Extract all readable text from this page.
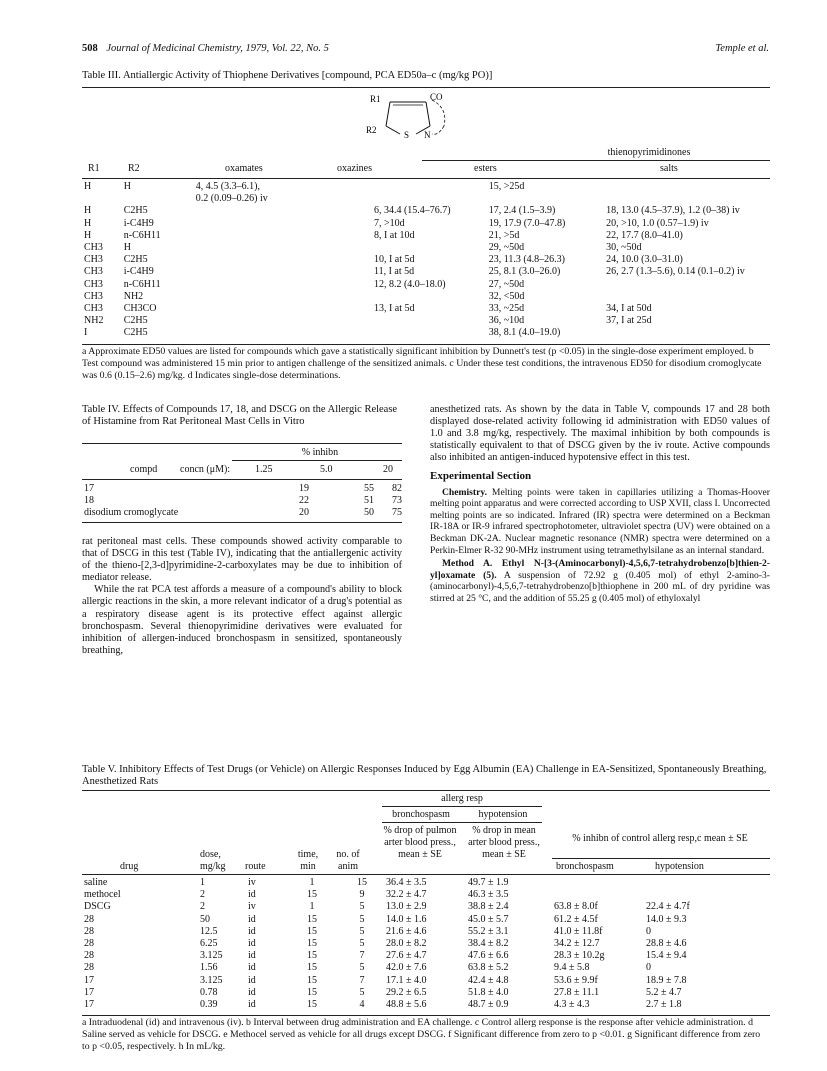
508 Journal of Medicinal Chemistry, 1979, Vol. 22, No. 5	Temple et al.
Table III. Antiallergic Activity of Thiophene Derivatives [compound, PCA ED50a–c (mg/kg PO)]
R1	CO
R2	S N
thienopyrimidinones
R1	R2	oxamates	oxazines	esters	salts
H	H	4, 4.5 (3.3–6.1),		15, >25d	
		0.2 (0.09–0.26) iv			
H	C2H5		6, 34.4 (15.4–76.7)	17, 2.4 (1.5–3.9)	18, 13.0 (4.5–37.9), 1.2 (0–38) iv
H	i-C4H9		7, >10d	19, 17.9 (7.0–47.8)	20, >10, 1.0 (0.57–1.9) iv
H	n-C6H11		8, I at 10d	21, >5d	22, 17.7 (8.0–41.0)
CH3	H			29, ~50d	30, ~50d
CH3	C2H5		10, I at 5d	23, 11.3 (4.8–26.3)	24, 10.0 (3.0–31.0)
CH3	i-C4H9		11, I at 5d	25, 8.1 (3.0–26.0)	26, 2.7 (1.3–5.6), 0.14 (0.1–0.2) iv
CH3	n-C6H11		12, 8.2 (4.0–18.0)	27, ~50d	
CH3	NH2			32, <50d	
CH3	CH3CO		13, I at 5d	33, ~25d	34, I at 50d
NH2	C2H5			36, ~10d	37, I at 25d
I	C2H5			38, 8.1 (4.0–19.0)	
a Approximate ED50 values are listed for compounds which gave a statistically significant inhibition by Dunnett's test (p <0.05) in the single-dose experiment employed. b Test compound was administered 15 min prior to antigen challenge of the sensitized animals. c Under these test conditions, the intravenous ED50 for disodium cromoglycate was 0.6 (0.15–2.6) mg/kg. d Indicates single-dose determinations.
Table IV. Effects of Compounds 17, 18, and DSCG on the Allergic Release of Histamine from Rat Peritoneal Mast Cells in Vitro
% inhibn
compd concn (μM): 1.25	5.0	20
17	19	55	82
18	22	51	73
disodium cromoglycate	20	50	75

rat peritoneal mast cells. These compounds showed activity comparable to that of DSCG in this test (Table IV), indicating that the antiallergenic activity of the thieno-[2,3-d]pyrimidine-2-carboxylates may be due to inhibition of mediator release.

While the rat PCA test affords a measure of a compound's ability to block allergic reactions in the skin, a more relevant indicator of a drug's potential as a respiratory disease agent is its protective effect against allergic bronchospasm. Several thienopyrimidine derivatives were evaluated for inhibition of allergen-induced bronchospasm in sensitized, spontaneously breathing,

anesthetized rats. As shown by the data in Table V, compounds 17 and 28 both displayed dose-related activity following id administration with ED50 values of 1.0 and 3.8 mg/kg, respectively. The maximal inhibition by both compounds is statistically equivalent to that of DSCG given by the iv route. Active compounds also inhibited an antigen-induced hypotensive effect in this test.

Experimental Section

Chemistry. Melting points were taken in capillaries utilizing a Thomas-Hoover melting point apparatus and were corrected according to USP XVII, class I. Uncorrected melting points are so indicated. Infrared (IR) spectra were determined on a Beckman IR-18A or IR-9 infrared spectrophotometer, ultraviolet spectra (UV) were obtained on a Beckman DK-2A. Nuclear magnetic resonance (NMR) spectra were determined on a Perkin-Elmer R-32 90-MHz instrument using tetramethylsilane as an internal standard.

Method A. Ethyl N-[3-(Aminocarbonyl)-4,5,6,7-tetrahydrobenzo[b]thien-2-yl]oxamate (5). A suspension of 72.92 g (0.405 mol) of ethyl 2-amino-3-(aminocarbonyl)-4,5,6,7-tetrahydrobenzo[b]thiophene in 200 mL of dry pyridine was stirred at 25 °C, and the addition of 55.25 g (0.405 mol) of ethyloxalyl

Table V. Inhibitory Effects of Test Drugs (or Vehicle) on Allergic Responses Induced by Egg Albumin (EA) Challenge in EA-Sensitized, Spontaneously Breathing, Anesthetized Rats
allerg resp
bronchospasm	hypotension
% drop of pulmon arter blood press., mean ± SE
% drop in mean arter blood press., mean ± SE
% inhibn of control allerg resp,c mean ± SE
drug
dose, mg/kg	route
time, min
no. of anim	bronchospasm	hypotension
saline	1	iv	1	15	36.4 ± 3.5	49.7 ± 1.9		
methocel	2	id	15	9	32.2 ± 4.7	46.3 ± 3.5		
DSCG	2	iv	1	5	13.0 ± 2.9	38.8 ± 2.4	63.8 ± 8.0f	22.4 ± 4.7f
28	50	id	15	5	14.0 ± 1.6	45.0 ± 5.7	61.2 ± 4.5f	14.0 ± 9.3
28	12.5	id	15	5	21.6 ± 4.6	55.2 ± 3.1	41.0 ± 11.8f	0
28	6.25	id	15	5	28.0 ± 8.2	38.4 ± 8.2	34.2 ± 12.7	28.8 ± 4.6
28	3.125	id	15	7	27.6 ± 4.7	47.6 ± 6.6	28.3 ± 10.2g	15.4 ± 9.4
28	1.56	id	15	5	42.0 ± 7.6	63.8 ± 5.2	9.4 ± 5.8	0
17	3.125	id	15	7	17.1 ± 4.0	42.4 ± 4.8	53.6 ± 9.9f	18.9 ± 7.8
17	0.78	id	15	5	29.2 ± 6.5	51.8 ± 4.0	27.8 ± 11.1	5.2 ± 4.7
17	0.39	id	15	4	48.8 ± 5.6	48.7 ± 0.9	4.3 ± 4.3	2.7 ± 1.8
a Intraduodenal (id) and intravenous (iv). b Interval between drug administration and EA challenge. c Control allerg response is the response after vehicle administration. d Saline served as vehicle for DSCG. e Methocel served as vehicle for all drugs except DSCG. f Significant difference from zero to p <0.01. g Significant difference from zero to p <0.05, respectively. h In mL/kg.
